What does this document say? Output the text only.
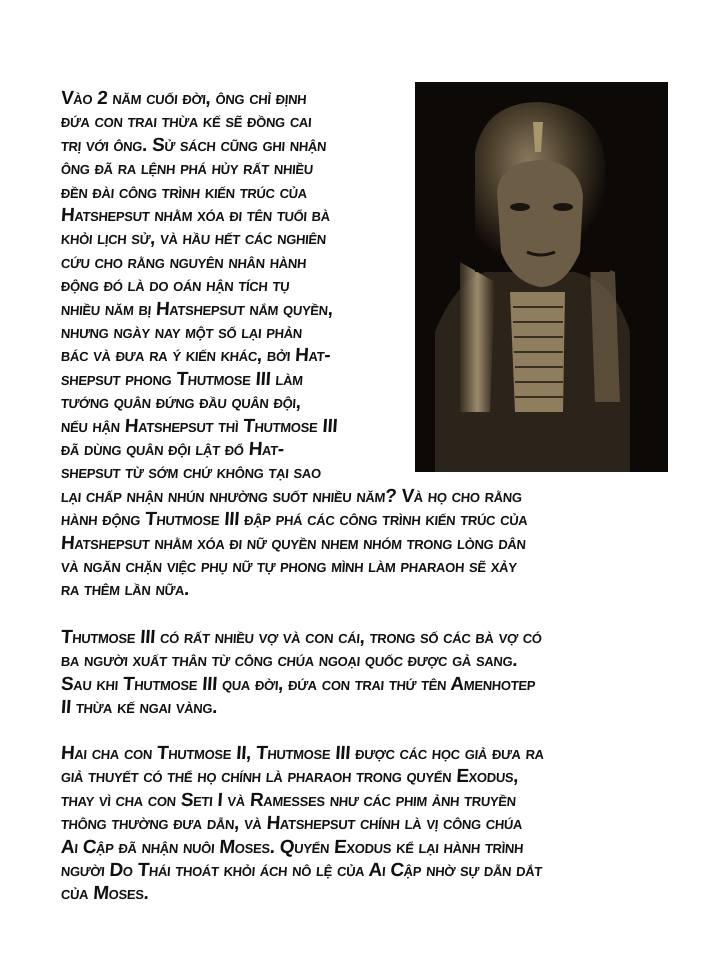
Vào 2 năm cuối đời, ông chỉ định
đứa con trai thừa kế sẽ đồng cai
trị với ông. Sử sách cũng ghi nhận
ông đã ra lệnh phá hủy rất nhiều
đền đài công trình kiến trúc của
Hatshepsut nhằm xóa đi tên tuổi bà
khỏi lịch sử, và hầu hết các nghiên
cứu cho rằng nguyên nhân hành
động đó là do oán hận tích tụ
nhiều năm bị Hatshepsut nắm quyền,
nhưng ngày nay một số lại phản
bác và đưa ra ý kiến khác, bởi Hat-
shepsut phong Thutmose III làm
tướng quân đứng đầu quân đội,
nếu hận Hatshepsut thì Thutmose III
đã dùng quân đội lật đổ Hat-
shepsut từ sớm chứ không tại sao
lại chấp nhận nhún nhường suốt nhiều năm? Và họ cho rằng
hành động Thutmose III đập phá các công trình kiến trúc của
Hatshepsut nhằm xóa đi nữ quyền nhem nhóm trong lòng dân
và ngăn chặn việc phụ nữ tự phong mình làm pharaoh sẽ xảy
ra thêm lần nữa.
Thutmose III có rất nhiều vợ và con cái, trong số các bà vợ có
ba người xuất thân từ công chúa ngoại quốc được gả sang.
Sau khi Thutmose III qua đời, đứa con trai thứ tên Amenhotep
II thừa kế ngai vàng.
Hai cha con Thutmose II, Thutmose III được các học giả đưa ra
giả thuyết có thể họ chính là pharaoh trong quyển Exodus,
thay vì cha con Seti I và Ramesses như các phim ảnh truyền
thông thường đưa dẫn, và Hatshepsut chính là vị công chúa
Ai Cập đã nhận nuôi Moses. Quyển Exodus kể lại hành trình
người Do Thái thoát khỏi ách nô lệ của Ai Cập nhờ sự dẫn dắt
của Moses.
